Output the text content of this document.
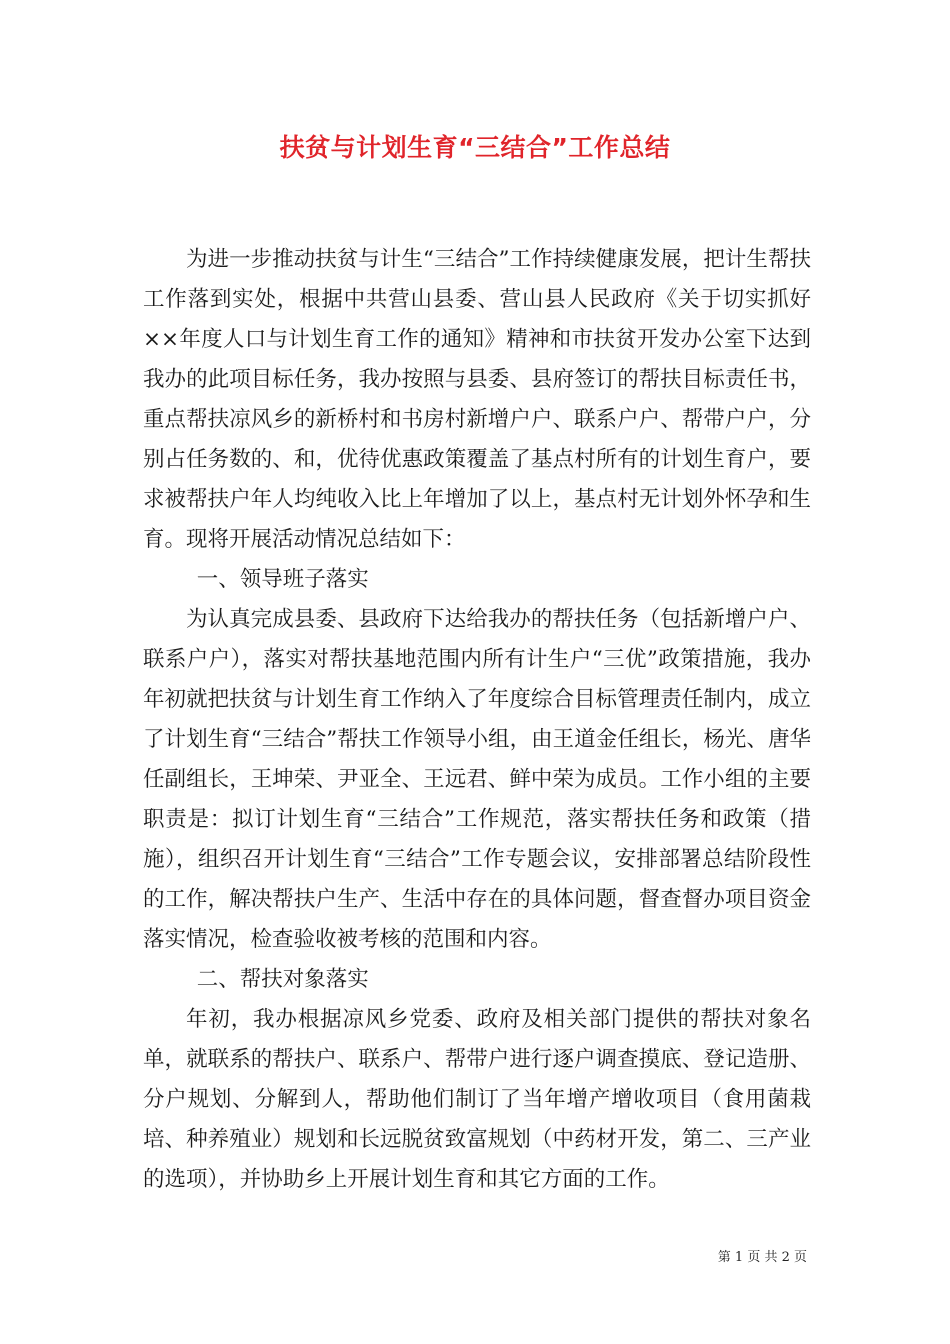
扶贫与计划生育“三结合”工作总结

为进一步推动扶贫与计生“三结合”工作持续健康发展，把计生帮扶工作落到实处，根据中共营山县委、营山县人民政府《关于切实抓好××年度人口与计划生育工作的通知》精神和市扶贫开发办公室下达到我办的此项目标任务，我办按照与县委、县府签订的帮扶目标责任书，重点帮扶凉风乡的新桥村和书房村新增户户、联系户户、帮带户户，分别占任务数的、和，优待优惠政策覆盖了基点村所有的计划生育户，要求被帮扶户年人均纯收入比上年增加了以上，基点村无计划外怀孕和生育。现将开展活动情况总结如下：

一、领导班子落实

为认真完成县委、县政府下达给我办的帮扶任务（包括新增户户、联系户户），落实对帮扶基地范围内所有计生户“三优”政策措施，我办年初就把扶贫与计划生育工作纳入了年度综合目标管理责任制内，成立了计划生育“三结合”帮扶工作领导小组，由王道金任组长，杨光、唐华任副组长，王坤荣、尹亚全、王远君、鲜中荣为成员。工作小组的主要职责是：拟订计划生育“三结合”工作规范，落实帮扶任务和政策（措施），组织召开计划生育“三结合”工作专题会议，安排部署总结阶段性的工作，解决帮扶户生产、生活中存在的具体问题，督查督办项目资金落实情况，检查验收被考核的范围和内容。

二、帮扶对象落实

年初，我办根据凉风乡党委、政府及相关部门提供的帮扶对象名单，就联系的帮扶户、联系户、帮带户进行逐户调查摸底、登记造册、分户规划、分解到人，帮助他们制订了当年增产增收项目（食用菌栽培、种养殖业）规划和长远脱贫致富规划（中药材开发，第二、三产业的选项），并协助乡上开展计划生育和其它方面的工作。

第 1 页 共 2 页
